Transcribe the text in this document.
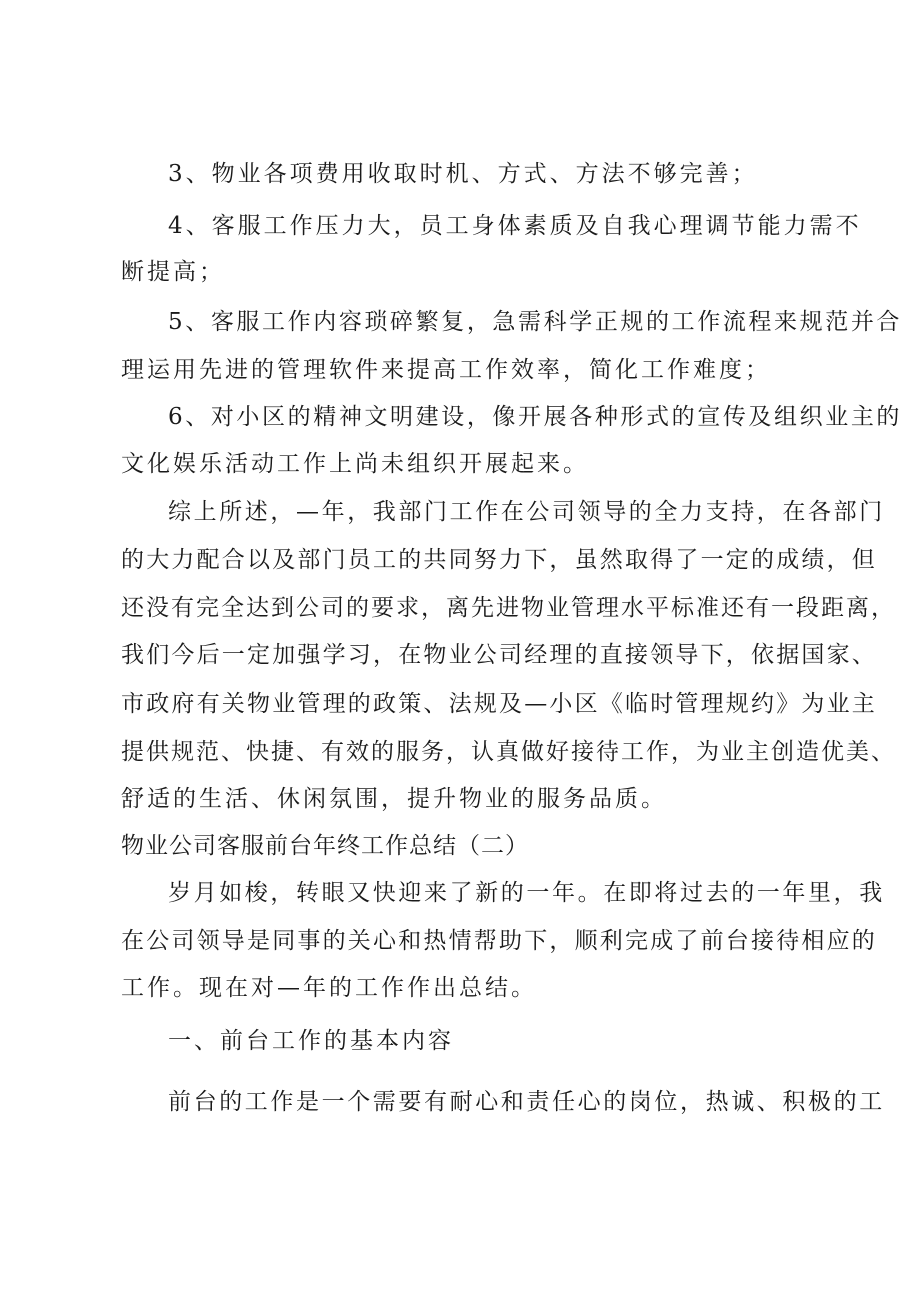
3、物业各项费用收取时机、方式、方法不够完善；
4、客服工作压力大，员工身体素质及自我心理调节能力需不
断提高；
5、客服工作内容琐碎繁复，急需科学正规的工作流程来规范并合
理运用先进的管理软件来提高工作效率，简化工作难度；
6、对小区的精神文明建设，像开展各种形式的宣传及组织业主的
文化娱乐活动工作上尚未组织开展起来。
综上所述，—年，我部门工作在公司领导的全力支持，在各部门
的大力配合以及部门员工的共同努力下，虽然取得了一定的成绩，但
还没有完全达到公司的要求，离先进物业管理水平标准还有一段距离，
我们今后一定加强学习，在物业公司经理的直接领导下，依据国家、
市政府有关物业管理的政策、法规及—小区《临时管理规约》为业主
提供规范、快捷、有效的服务，认真做好接待工作，为业主创造优美、
舒适的生活、休闲氛围，提升物业的服务品质。
物业公司客服前台年终工作总结（二）
岁月如梭，转眼又快迎来了新的一年。在即将过去的一年里，我
在公司领导是同事的关心和热情帮助下，顺利完成了前台接待相应的
工作。现在对—年的工作作出总结。
一、前台工作的基本内容
前台的工作是一个需要有耐心和责任心的岗位，热诚、积极的工
